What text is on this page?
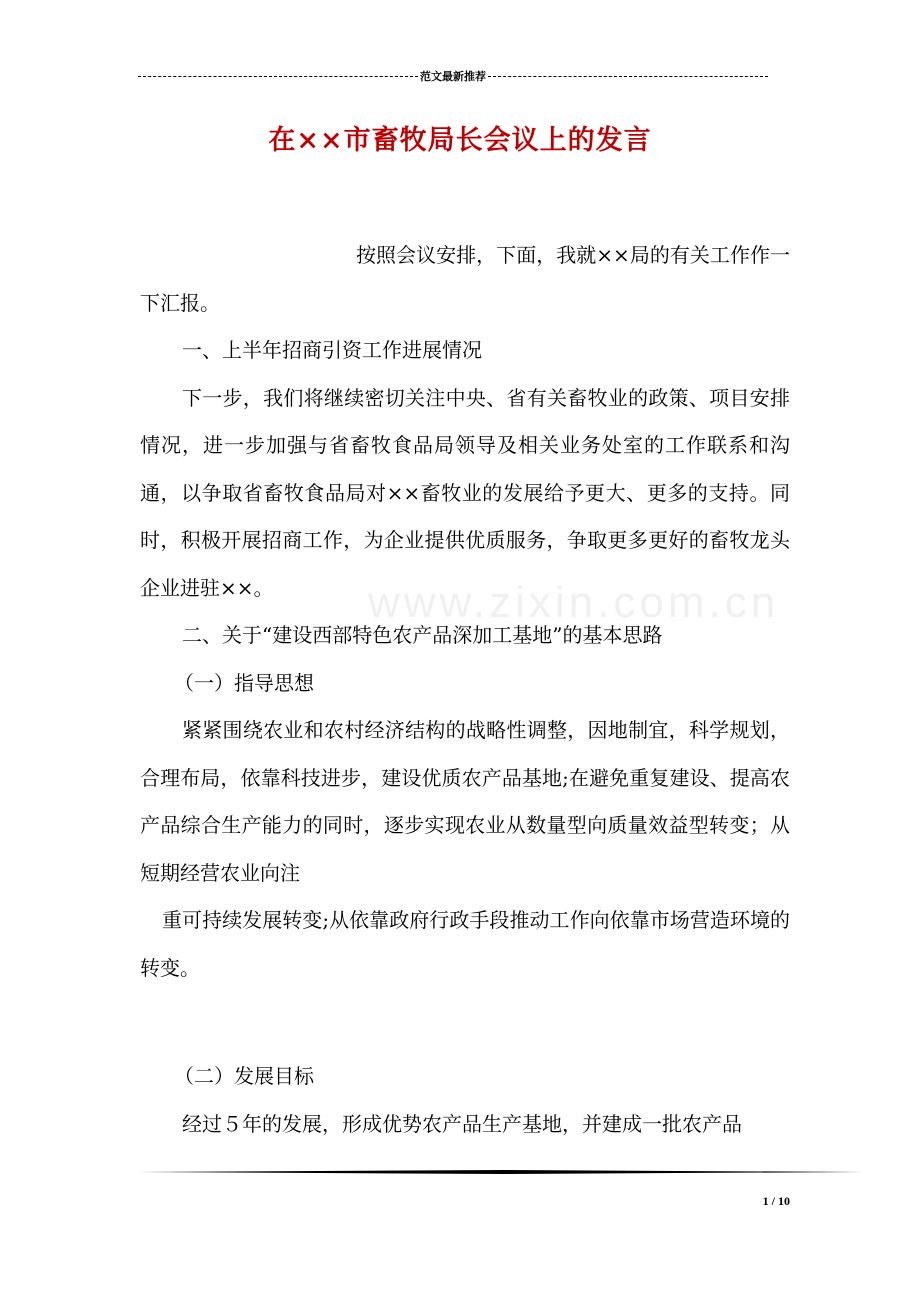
范文最新推荐
在××市畜牧局长会议上的发言
www.zixin.com.cn

按照会议安排，下面，我就××局的有关工作作一下汇报。

一、上半年招商引资工作进展情况

下一步，我们将继续密切关注中央、省有关畜牧业的政策、项目安排情况，进一步加强与省畜牧食品局领导及相关业务处室的工作联系和沟通，以争取省畜牧食品局对××畜牧业的发展给予更大、更多的支持。同时，积极开展招商工作，为企业提供优质服务，争取更多更好的畜牧龙头企业进驻××。

二、关于“建设西部特色农产品深加工基地”的基本思路

（一）指导思想

紧紧围绕农业和农村经济结构的战略性调整，因地制宜，科学规划，合理布局，依靠科技进步，建设优质农产品基地;在避免重复建设、提高农产品综合生产能力的同时，逐步实现农业从数量型向质量效益型转变；从短期经营农业向注

重可持续发展转变;从依靠政府行政手段推动工作向依靠市场营造环境的转变。

（二）发展目标

经过５年的发展，形成优势农产品生产基地，并建成一批农产品

1 / 10
